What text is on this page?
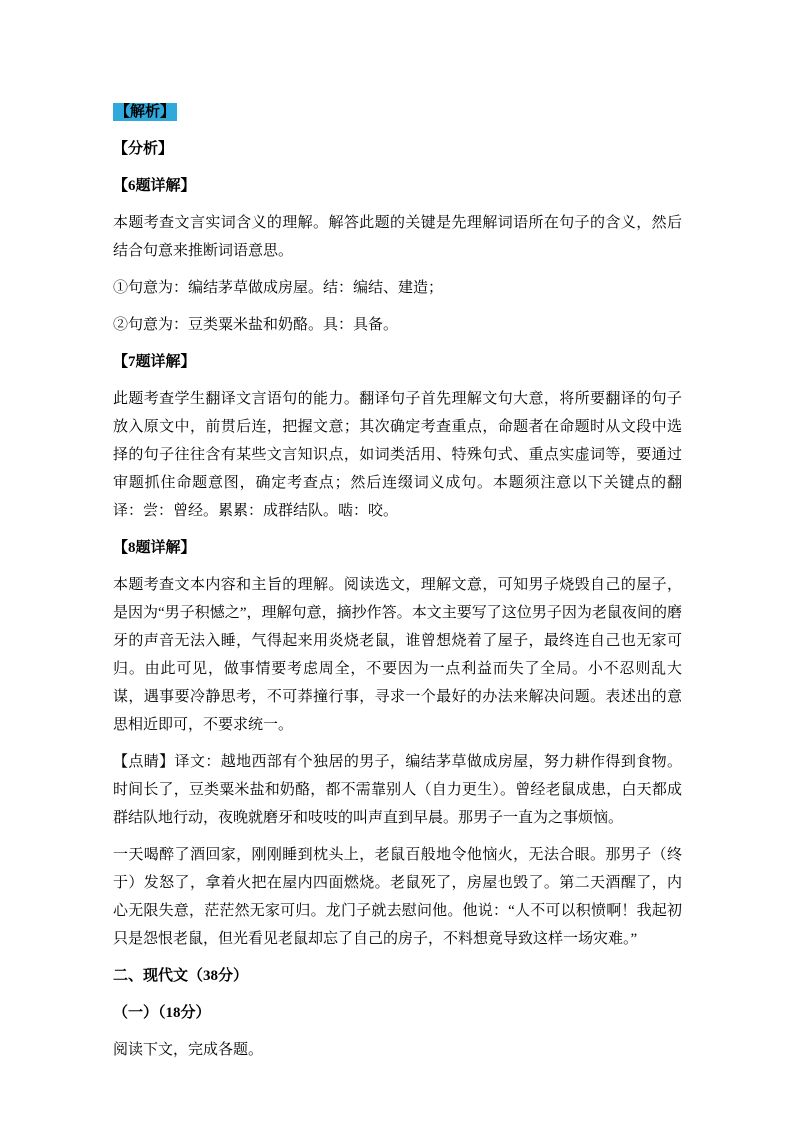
【解析】

【分析】

【6题详解】

本题考查文言实词含义的理解。解答此题的关键是先理解词语所在句子的含义，然后结合句意来推断词语意思。

①句意为：编结茅草做成房屋。结：编结、建造；

②句意为：豆类粟米盐和奶酪。具：具备。

【7题详解】

此题考查学生翻译文言语句的能力。翻译句子首先理解文句大意，将所要翻译的句子放入原文中，前贯后连，把握文意；其次确定考查重点，命题者在命题时从文段中选择的句子往往含有某些文言知识点，如词类活用、特殊句式、重点实虚词等，要通过审题抓住命题意图，确定考查点；然后连缀词义成句。本题须注意以下关键点的翻译：尝：曾经。累累：成群结队。啮：咬。

【8题详解】

本题考查文本内容和主旨的理解。阅读选文，理解文意，可知男子烧毁自己的屋子，是因为“男子积憾之”，理解句意，摘抄作答。本文主要写了这位男子因为老鼠夜间的磨牙的声音无法入睡，气得起来用炎烧老鼠，谁曾想烧着了屋子，最终连自己也无家可归。由此可见，做事情要考虑周全，不要因为一点利益而失了全局。小不忍则乱大谋，遇事要冷静思考，不可莽撞行事，寻求一个最好的办法来解决问题。表述出的意思相近即可，不要求统一。

【点睛】译文：越地西部有个独居的男子，编结茅草做成房屋，努力耕作得到食物。时间长了，豆类粟米盐和奶酪，都不需靠别人（自力更生）。曾经老鼠成患，白天都成群结队地行动，夜晚就磨牙和吱吱的叫声直到早晨。那男子一直为之事烦恼。

一天喝醉了酒回家，刚刚睡到枕头上，老鼠百般地令他恼火，无法合眼。那男子（终于）发怒了，拿着火把在屋内四面燃烧。老鼠死了，房屋也毁了。第二天酒醒了，内心无限失意，茫茫然无家可归。龙门子就去慰问他。他说：“人不可以积愤啊！我起初只是怨恨老鼠，但光看见老鼠却忘了自己的房子，不料想竟导致这样一场灾难。”

二、现代文（38分）

（一）（18分）

阅读下文，完成各题。
